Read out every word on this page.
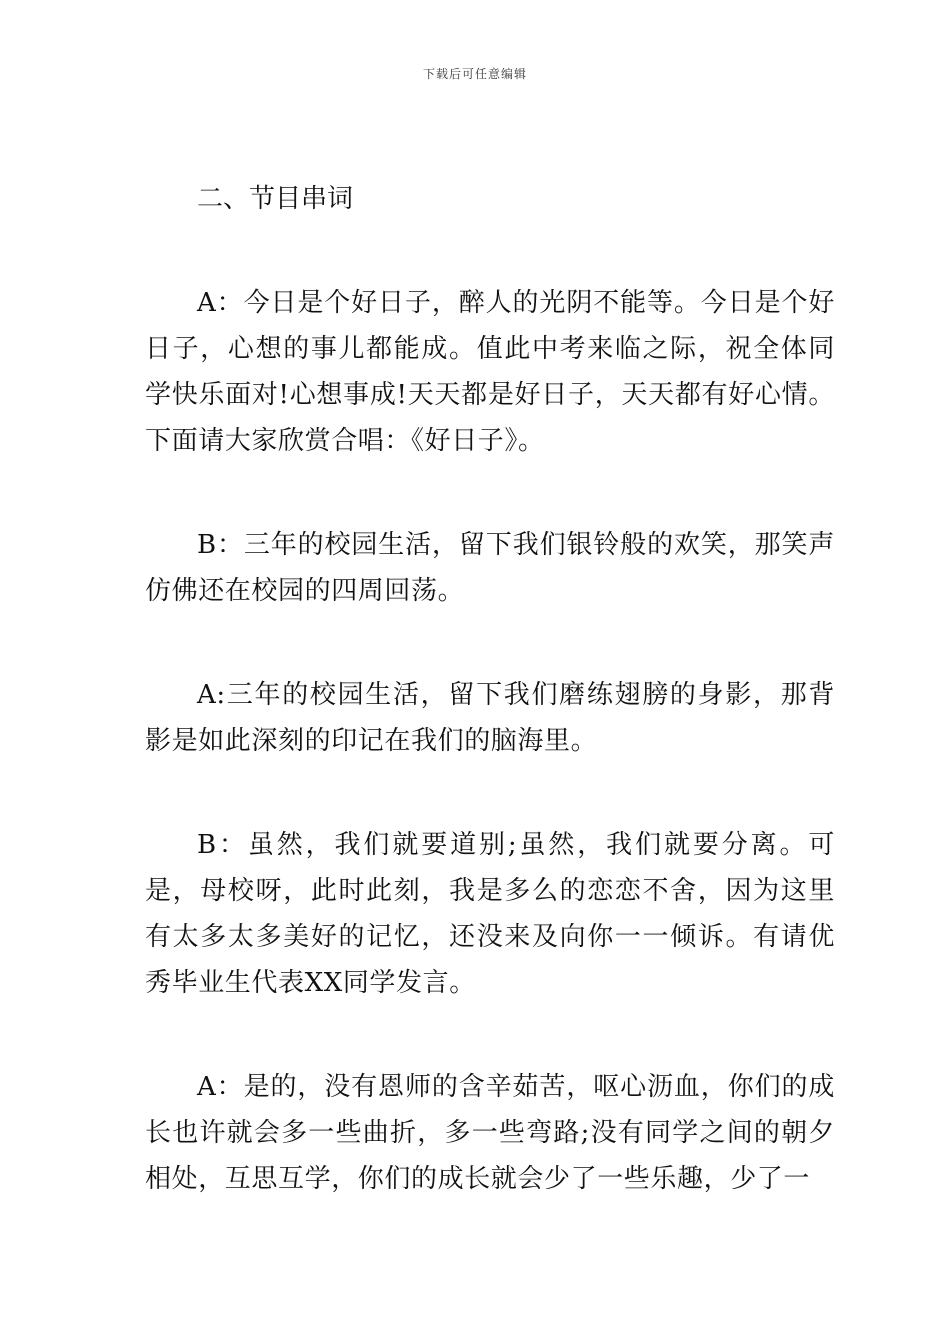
下载后可任意编辑
二、节目串词

A：今日是个好日子，醉人的光阴不能等。今日是个好日子，心想的事儿都能成。值此中考来临之际，祝全体同学快乐面对!心想事成!天天都是好日子，天天都有好心情。下面请大家欣赏合唱：《好日子》。

B：三年的校园生活，留下我们银铃般的欢笑，那笑声仿佛还在校园的四周回荡。

A:三年的校园生活，留下我们磨练翅膀的身影，那背影是如此深刻的印记在我们的脑海里。

B：虽然，我们就要道别;虽然，我们就要分离。可是，母校呀，此时此刻，我是多么的恋恋不舍，因为这里有太多太多美好的记忆，还没来及向你一一倾诉。有请优秀毕业生代表XX同学发言。

A：是的，没有恩师的含辛茹苦，呕心沥血，你们的成长也许就会多一些曲折，多一些弯路;没有同学之间的朝夕相处，互思互学，你们的成长就会少了一些乐趣，少了一
